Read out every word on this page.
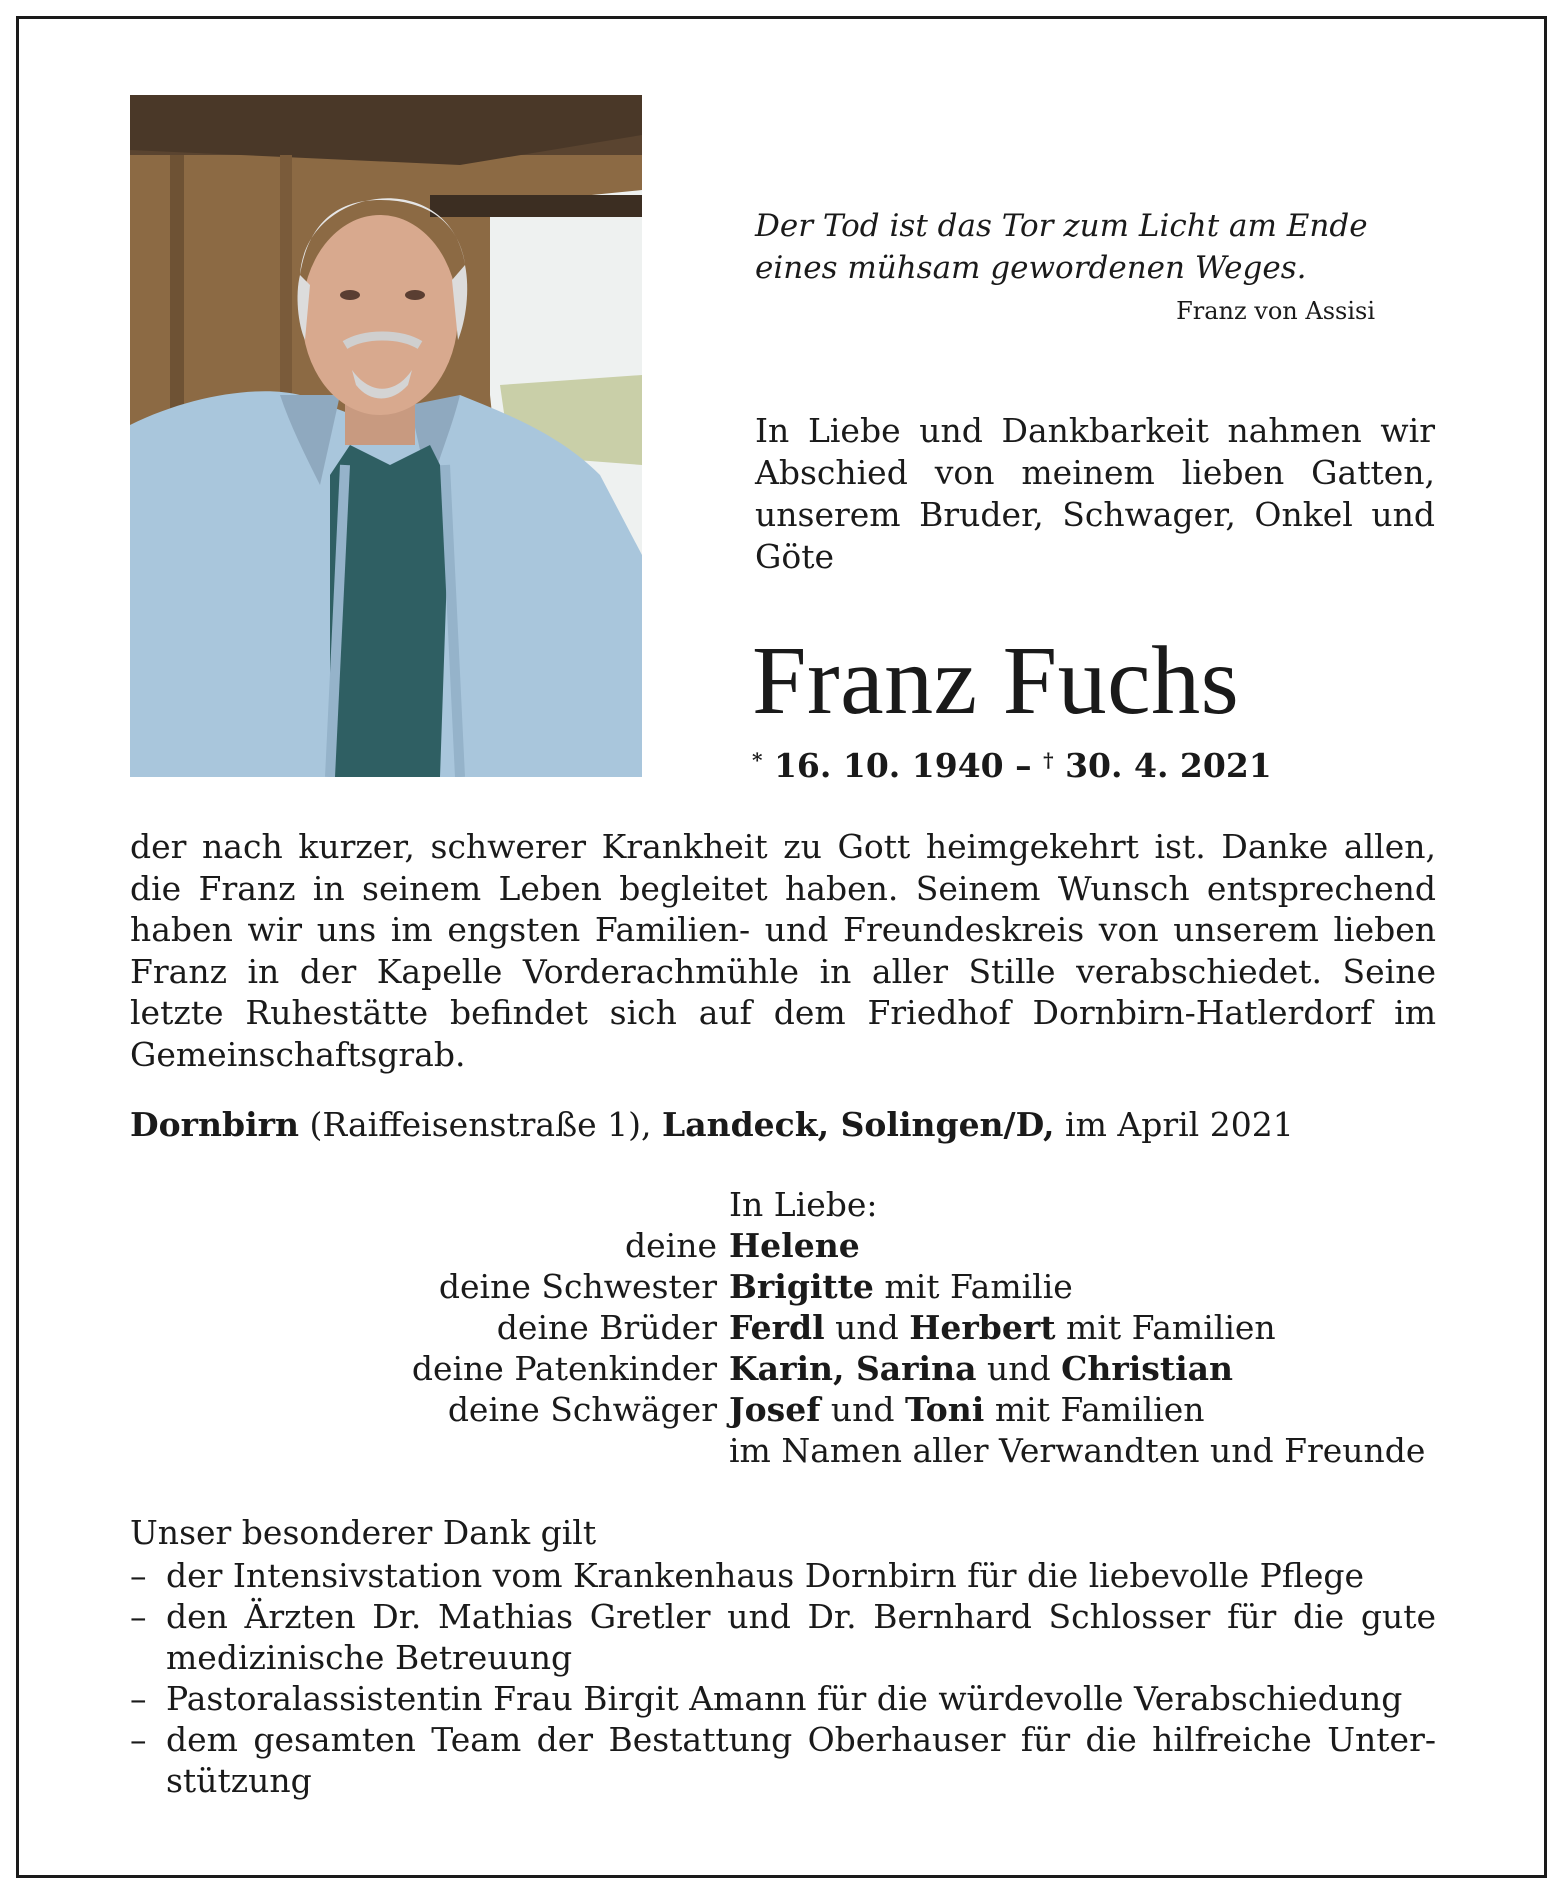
Der Tod ist das Tor zum Licht am Ende
eines mühsam gewordenen Weges.
Franz von Assisi
In Liebe und Dankbarkeit nahmen wir
Abschied von meinem lieben Gatten,
unserem Bruder, Schwager, Onkel und
Göte
Franz Fuchs
* 16. 10. 1940 – † 30. 4. 2021
der nach kurzer, schwerer Krankheit zu Gott heimgekehrt ist. Danke allen,
die Franz in seinem Leben begleitet haben. Seinem Wunsch entsprechend
haben wir uns im engsten Familien- und Freundeskreis von unserem lieben
Franz in der Kapelle Vorderachmühle in aller Stille verabschiedet. Seine
letzte Ruhestätte befindet sich auf dem Friedhof Dornbirn-Hatlerdorf im
Gemeinschaftsgrab.
Dornbirn (Raiffeisenstraße 1), Landeck, Solingen/D, im April 2021
In Liebe:
deine Helene
deine Schwester Brigitte mit Familie
deine Brüder Ferdl und Herbert mit Familien
deine Patenkinder Karin, Sarina und Christian
deine Schwäger Josef und Toni mit Familien
im Namen aller Verwandten und Freunde
Unser besonderer Dank gilt
– der Intensivstation vom Krankenhaus Dornbirn für die liebevolle Pflege
– den Ärzten Dr. Mathias Gretler und Dr. Bernhard Schlosser für die gute
medizinische Betreuung
– Pastoralassistentin Frau Birgit Amann für die würdevolle Verabschiedung
– dem gesamten Team der Bestattung Oberhauser für die hilfreiche Unter-
stützung
